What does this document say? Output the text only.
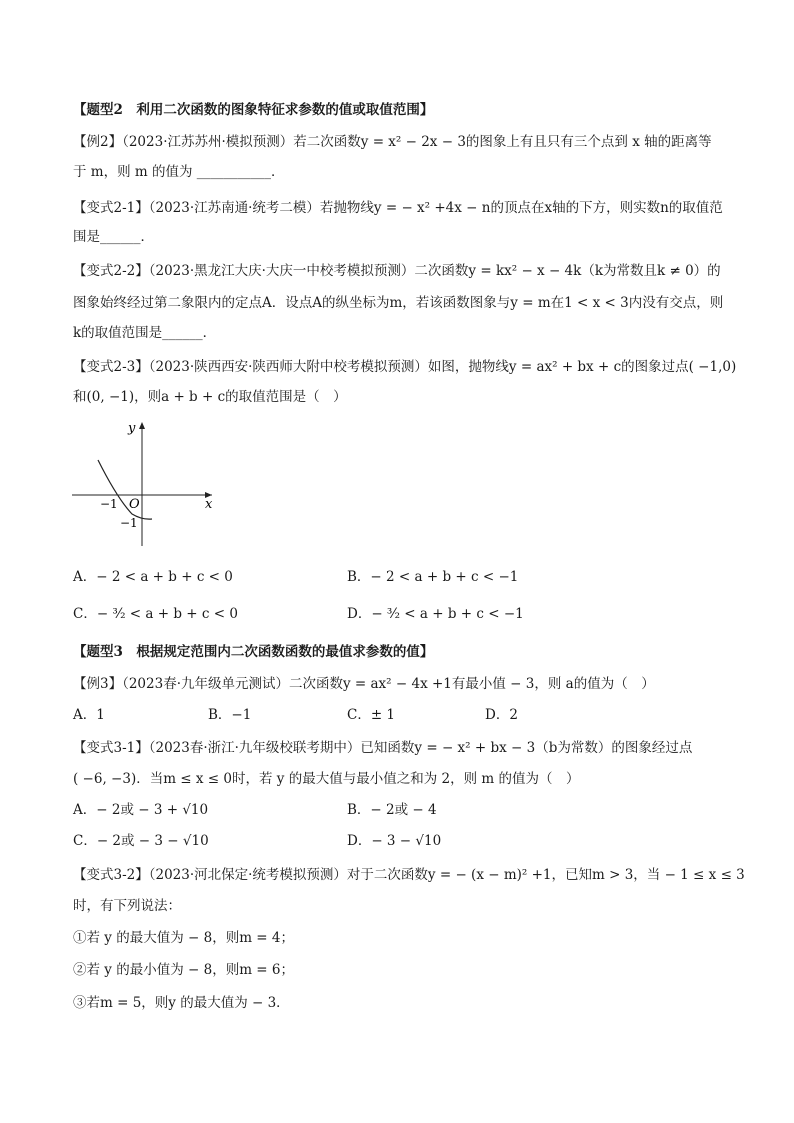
【题型2　利用二次函数的图象特征求参数的值或取值范围】
【例2】（2023·江苏苏州·模拟预测）若二次函数y = x² − 2x − 3的图象上有且只有三个点到 x 轴的距离等
于 m，则 m 的值为 ___________．
【变式2-1】（2023·江苏南通·统考二模）若抛物线y = − x² +4x − n的顶点在x轴的下方，则实数n的取值范
围是______．
【变式2-2】（2023·黑龙江大庆·大庆一中校考模拟预测）二次函数y = kx² − x − 4k（k为常数且k ≠ 0）的
图象始终经过第二象限内的定点A．设点A的纵坐标为m，若该函数图象与y = m在1 < x < 3内没有交点，则
k的取值范围是______．
【变式2-3】（2023·陕西西安·陕西师大附中校考模拟预测）如图，抛物线y = ax² + bx + c的图象过点( −1,0)
和(0, −1)，则a + b + c的取值范围是（　）
y
x
O
−1
−1
A．− 2 < a + b + c < 0	B．− 2 < a + b + c < −1
C．− ³⁄₂ < a + b + c < 0	D．− ³⁄₂ < a + b + c < −1
【题型3　根据规定范围内二次函数函数的最值求参数的值】
【例3】（2023春·九年级单元测试）二次函数y = ax² − 4x +1有最小值 − 3，则 a的值为（　）
A．1	B．−1	C．± 1	D．2
【变式3-1】（2023春·浙江·九年级校联考期中）已知函数y = − x² + bx − 3（b为常数）的图象经过点
( −6, −3)．当m ≤ x ≤ 0时，若 y 的最大值与最小值之和为 2，则 m 的值为（　）
A．− 2或 − 3 + √10	B．− 2或 − 4
C．− 2或 − 3 − √10	D．− 3 − √10
【变式3-2】（2023·河北保定·统考模拟预测）对于二次函数y = − (x − m)² +1，已知m > 3，当 − 1 ≤ x ≤ 3
时，有下列说法：
①若 y 的最大值为 − 8，则m = 4；
②若 y 的最小值为 − 8，则m = 6；
③若m = 5，则y 的最大值为 − 3．
